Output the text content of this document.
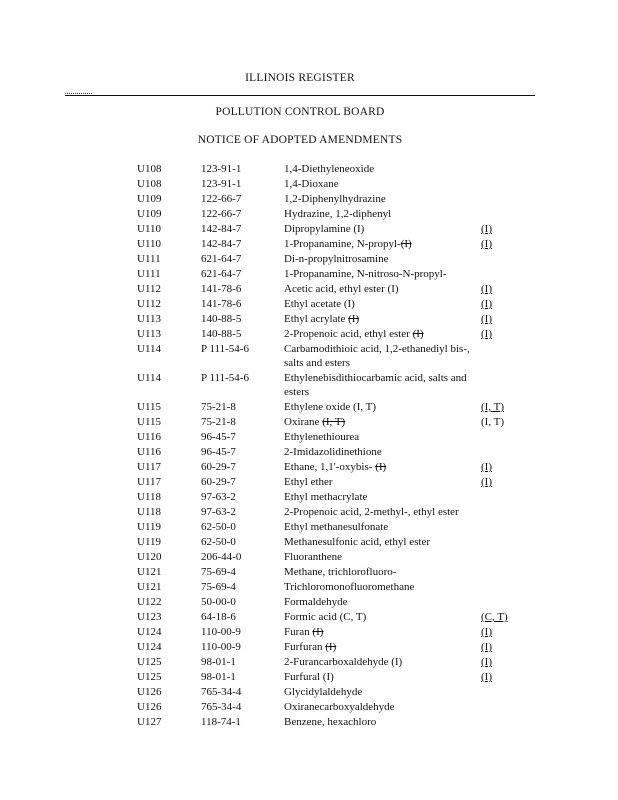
ILLINOIS REGISTER
POLLUTION CONTROL BOARD
NOTICE OF ADOPTED AMENDMENTS
U108	123-91-1	1,4-Diethyleneoxide
U108	123-91-1	1,4-Dioxane
U109	122-66-7	1,2-Diphenylhydrazine
U109	122-66-7	Hydrazine, 1,2-diphenyl
U110	142-84-7	Dipropylamine (I)	(I)
U110	142-84-7	1-Propanamine, N-propyl-(I)	(I)
U111	621-64-7	Di-n-propylnitrosamine
U111	621-64-7	1-Propanamine, N-nitroso-N-propyl-
U112	141-78-6	Acetic acid, ethyl ester (I)	(I)
U112	141-78-6	Ethyl acetate (I)	(I)
U113	140-88-5	Ethyl acrylate (I)	(I)
U113	140-88-5	2-Propenoic acid, ethyl ester (I)	(I)
U114	P 111-54-6	Carbamodithioic acid, 1,2-ethanediyl bis-, salts and esters
U114	P 111-54-6	Ethylenebisdithiocarbamic acid, salts and esters
U115	75-21-8	Ethylene oxide (I, T)	(I, T)
U115	75-21-8	Oxirane (I, T)	(I, T)
U116	96-45-7	Ethylenethiourea
U116	96-45-7	2-Imidazolidinethione
U117	60-29-7	Ethane, 1,1'-oxybis- (I)	(I)
U117	60-29-7	Ethyl ether	(I)
U118	97-63-2	Ethyl methacrylate
U118	97-63-2	2-Propenoic acid, 2-methyl-, ethyl ester
U119	62-50-0	Ethyl methanesulfonate
U119	62-50-0	Methanesulfonic acid, ethyl ester
U120	206-44-0	Fluoranthene
U121	75-69-4	Methane, trichlorofluoro-
U121	75-69-4	Trichloromonofluoromethane
U122	50-00-0	Formaldehyde
U123	64-18-6	Formic acid (C, T)	(C, T)
U124	110-00-9	Furan (I)	(I)
U124	110-00-9	Furfuran (I)	(I)
U125	98-01-1	2-Furancarboxaldehyde (I)	(I)
U125	98-01-1	Furfural (I)	(I)
U126	765-34-4	Glycidylaldehyde
U126	765-34-4	Oxiranecarboxyaldehyde
U127	118-74-1	Benzene, hexachloro
